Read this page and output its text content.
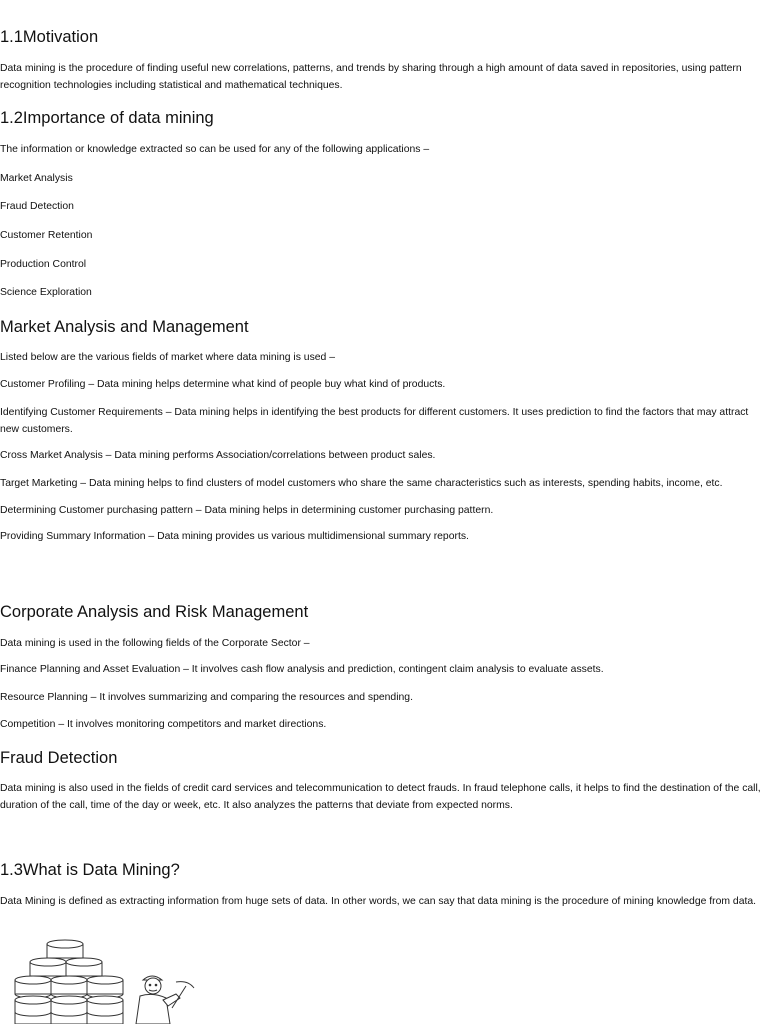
1.1Motivation

Data mining is the procedure of finding useful new correlations, patterns, and trends by sharing through a high amount of data saved in repositories, using pattern recognition technologies including statistical and mathematical techniques.

1.2Importance of data mining

The information or knowledge extracted so can be used for any of the following applications –

Market Analysis

Fraud Detection

Customer Retention

Production Control

Science Exploration

Market Analysis and Management

Listed below are the various fields of market where data mining is used –

Customer Profiling – Data mining helps determine what kind of people buy what kind of products.

Identifying Customer Requirements – Data mining helps in identifying the best products for different customers. It uses prediction to find the factors that may attract new customers.

Cross Market Analysis – Data mining performs Association/correlations between product sales.

Target Marketing – Data mining helps to find clusters of model customers who share the same characteristics such as interests, spending habits, income, etc.

Determining Customer purchasing pattern – Data mining helps in determining customer purchasing pattern.

Providing Summary Information – Data mining provides us various multidimensional summary reports.

Corporate Analysis and Risk Management

Data mining is used in the following fields of the Corporate Sector –

Finance Planning and Asset Evaluation – It involves cash flow analysis and prediction, contingent claim analysis to evaluate assets.

Resource Planning – It involves summarizing and comparing the resources and spending.

Competition – It involves monitoring competitors and market directions.

Fraud Detection

Data mining is also used in the fields of credit card services and telecommunication to detect frauds. In fraud telephone calls, it helps to find the destination of the call, duration of the call, time of the day or week, etc. It also analyzes the patterns that deviate from expected norms.

1.3What is Data Mining?

Data Mining is defined as extracting information from huge sets of data. In other words, we can say that data mining is the procedure of mining knowledge from data.
